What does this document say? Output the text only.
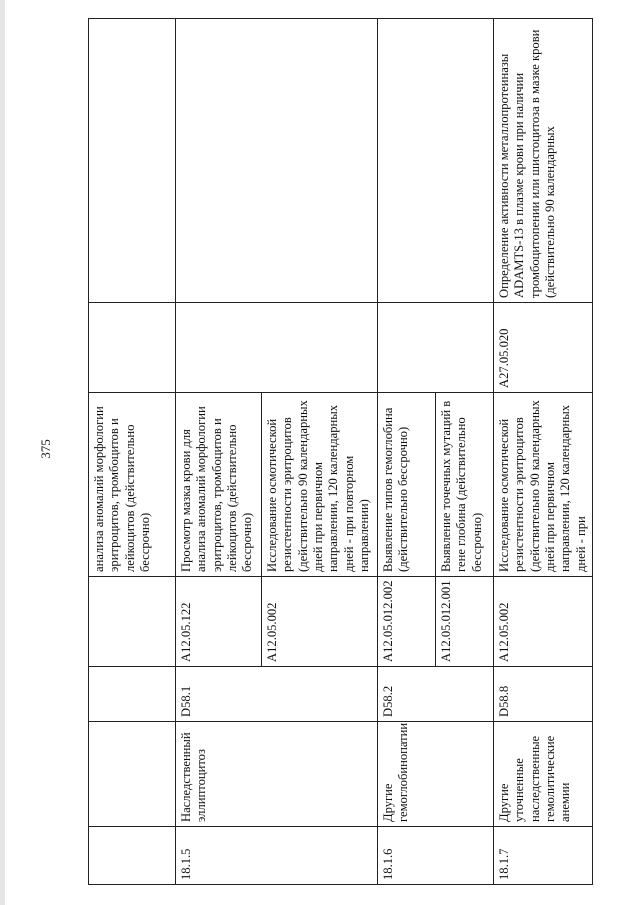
375
					анализа аномалий морфологии эритроцитов, тромбоцитов и лейкоцитов (действительно бессрочно)		
18.1.5	Наследственный эллиптоцитоз	D58.1	А12.05.122	Просмотр мазка крови для анализа аномалий морфологии эритроцитов, тромбоцитов и лейкоцитов (действительно бессрочно)		
			А12.05.002	Исследование осмотической резистентности эритроцитов (действительно 90 календарных дней при первичном направлении, 120 календарных дней - при повторном направлении)		
18.1.6	Другие гемоглобинопатии	D58.2	А12.05.012.002	Выявление типов гемоглобина (действительно бессрочно)		
			А12.05.012.001	Выявление точечных мутаций в гене глобина (действительно бессрочно)		
18.1.7	Другие уточненные наследственные гемолитические анемии	D58.8	А12.05.002	Исследование осмотической резистентности эритроцитов (действительно 90 календарных дней при первичном направлении, 120 календарных дней - при	А27.05.020	Определение активности металлопротеиназы ADAMTS-13 в плазме крови при наличии тромбоцитопении или шистоцитоза в мазке крови (действительно 90 календарных
